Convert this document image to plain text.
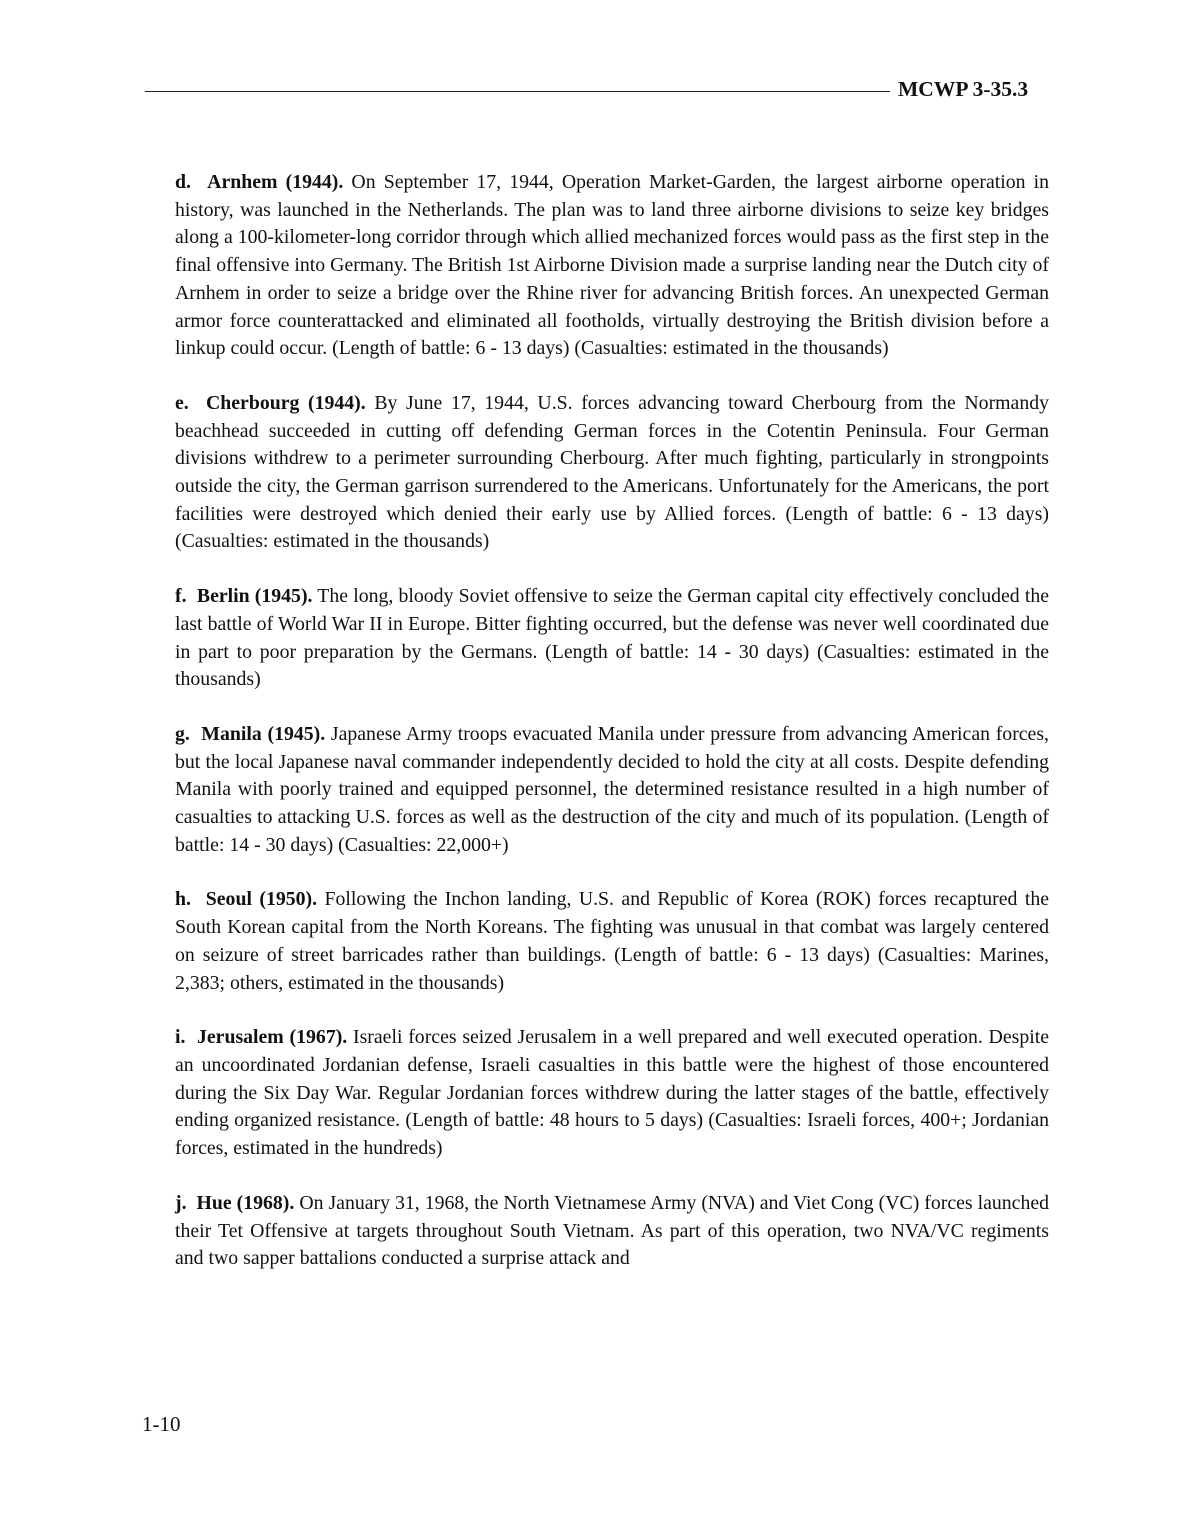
MCWP 3-35.3

d.  Arnhem (1944). On September 17, 1944, Operation Market-Garden, the largest airborne operation in history, was launched in the Netherlands. The plan was to land three airborne divisions to seize key bridges along a 100-kilometer-long corridor through which allied mechanized forces would pass as the first step in the final offensive into Germany. The British 1st Airborne Division made a surprise landing near the Dutch city of Arnhem in order to seize a bridge over the Rhine river for advancing British forces. An unexpected German armor force counterattacked and eliminated all footholds, virtually destroying the British division before a linkup could occur. (Length of battle: 6 - 13 days) (Casualties: estimated in the thousands)

e.  Cherbourg (1944). By June 17, 1944, U.S. forces advancing toward Cherbourg from the Normandy beachhead succeeded in cutting off defending German forces in the Cotentin Peninsula. Four German divisions withdrew to a perimeter surrounding Cherbourg. After much fighting, particularly in strongpoints outside the city, the German garrison surrendered to the Americans. Unfortunately for the Americans, the port facilities were destroyed which denied their early use by Allied forces. (Length of battle: 6 - 13 days) (Casualties: estimated in the thousands)

f.  Berlin (1945). The long, bloody Soviet offensive to seize the German capital city effectively concluded the last battle of World War II in Europe. Bitter fighting occurred, but the defense was never well coordinated due in part to poor preparation by the Germans. (Length of battle: 14 - 30 days) (Casualties: estimated in the thousands)

g.  Manila (1945). Japanese Army troops evacuated Manila under pressure from advancing American forces, but the local Japanese naval commander independently decided to hold the city at all costs. Despite defending Manila with poorly trained and equipped personnel, the determined resistance resulted in a high number of casualties to attacking U.S. forces as well as the destruction of the city and much of its population. (Length of battle: 14 - 30 days) (Casualties: 22,000+)

h.  Seoul (1950). Following the Inchon landing, U.S. and Republic of Korea (ROK) forces recaptured the South Korean capital from the North Koreans. The fighting was unusual in that combat was largely centered on seizure of street barricades rather than buildings. (Length of battle: 6 - 13 days) (Casualties: Marines, 2,383; others, estimated in the thousands)

i.  Jerusalem (1967). Israeli forces seized Jerusalem in a well prepared and well executed operation. Despite an uncoordinated Jordanian defense, Israeli casualties in this battle were the highest of those encountered during the Six Day War. Regular Jordanian forces withdrew during the latter stages of the battle, effectively ending organized resistance. (Length of battle: 48 hours to 5 days) (Casualties: Israeli forces, 400+; Jordanian forces, estimated in the hundreds)

j.  Hue (1968). On January 31, 1968, the North Vietnamese Army (NVA) and Viet Cong (VC) forces launched their Tet Offensive at targets throughout South Vietnam. As part of this operation, two NVA/VC regiments and two sapper battalions conducted a surprise attack and

1-10
